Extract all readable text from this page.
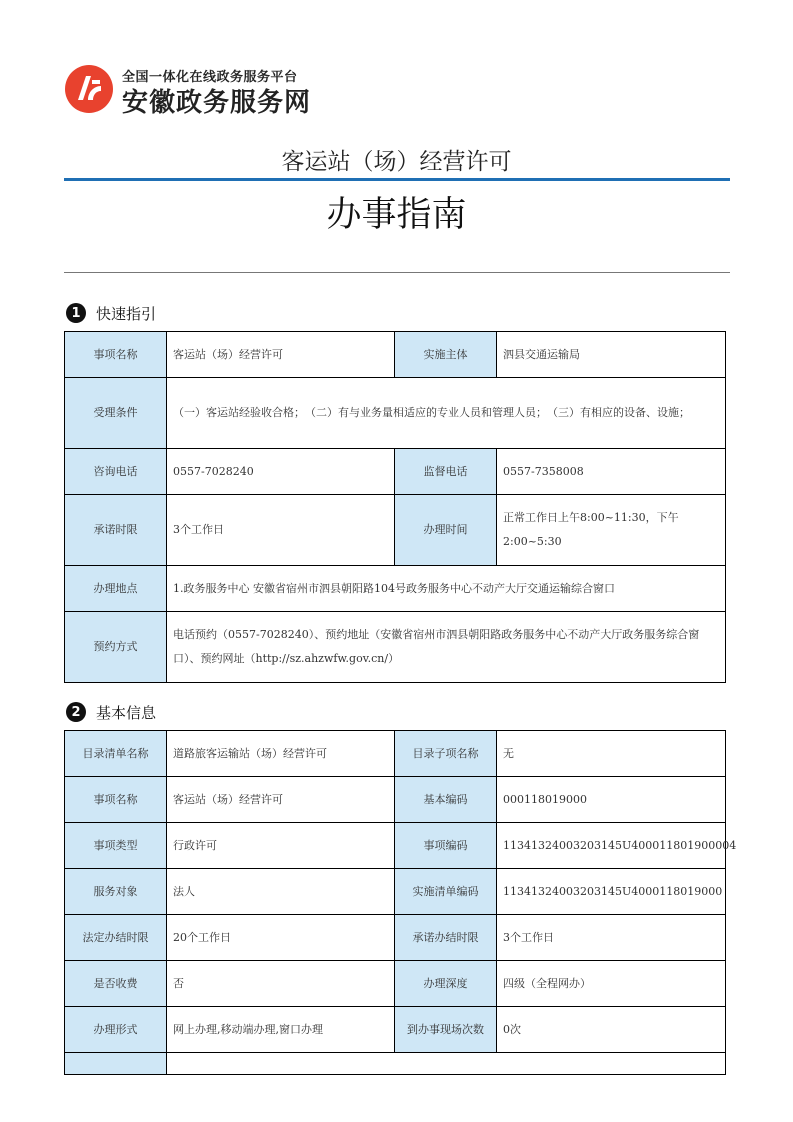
全国一体化在线政务服务平台
安徽政务服务网
客运站（场）经营许可
办事指南
1	快速指引
事项名称	客运站（场）经营许可	实施主体	泗县交通运输局
受理条件	（一）客运站经验收合格；　（二）有与业务量相适应的专业人员和管理人员；　（三）有相应的设备、设施；		
咨询电话	0557-7028240	监督电话	0557-7358008
承诺时限	3个工作日	办理时间	正常工作日上午8:00~11:30，下午2:00~5:30
办理地点	1.政务服务中心 安徽省宿州市泗县朝阳路104号政务服务中心不动产大厅交通运输综合窗口		
预约方式	电话预约（0557-7028240）、预约地址（安徽省宿州市泗县朝阳路政务服务中心不动产大厅政务服务综合窗口）、预约网址（http://sz.ahzwfw.gov.cn/）		
2	基本信息
目录清单名称	道路旅客运输站（场）经营许可	目录子项名称	无
事项名称	客运站（场）经营许可	基本编码	000118019000
事项类型	行政许可	事项编码	11341324003203145U400011801900004
服务对象	法人	实施清单编码	11341324003203145U4000118019000
法定办结时限	20个工作日	承诺办结时限	3个工作日
是否收费	否	办理深度	四级（全程网办）
办理形式	网上办理,移动端办理,窗口办理	到办事现场次数	0次
